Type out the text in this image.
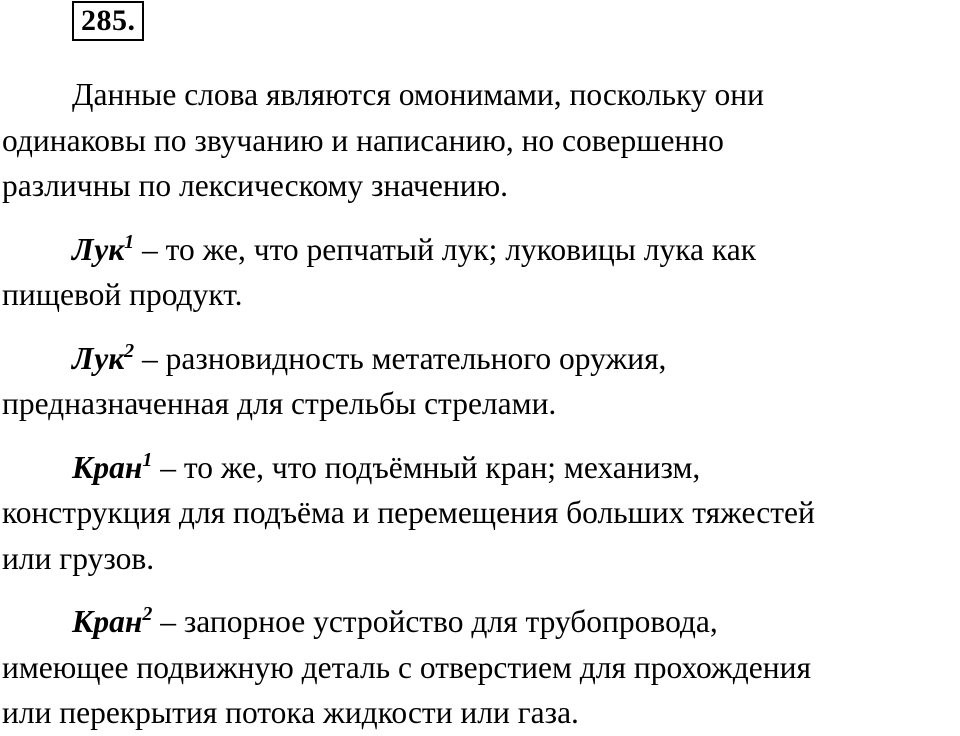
285.

Данные слова являются омонимами, поскольку они
одинаковы по звучанию и написанию, но совершенно
различны по лексическому значению.

Лук$^1$ – то же, что репчатый лук; луковицы лука как
пищевой продукт.

Лук$^2$ – разновидность метательного оружия,
предназначенная для стрельбы стрелами.

Кран$^1$ – то же, что подъёмный кран; механизм,
конструкция для подъёма и перемещения больших тяжестей
или грузов.

Кран$^2$ – запорное устройство для трубопровода,
имеющее подвижную деталь с отверстием для прохождения
или перекрытия потока жидкости или газа.
